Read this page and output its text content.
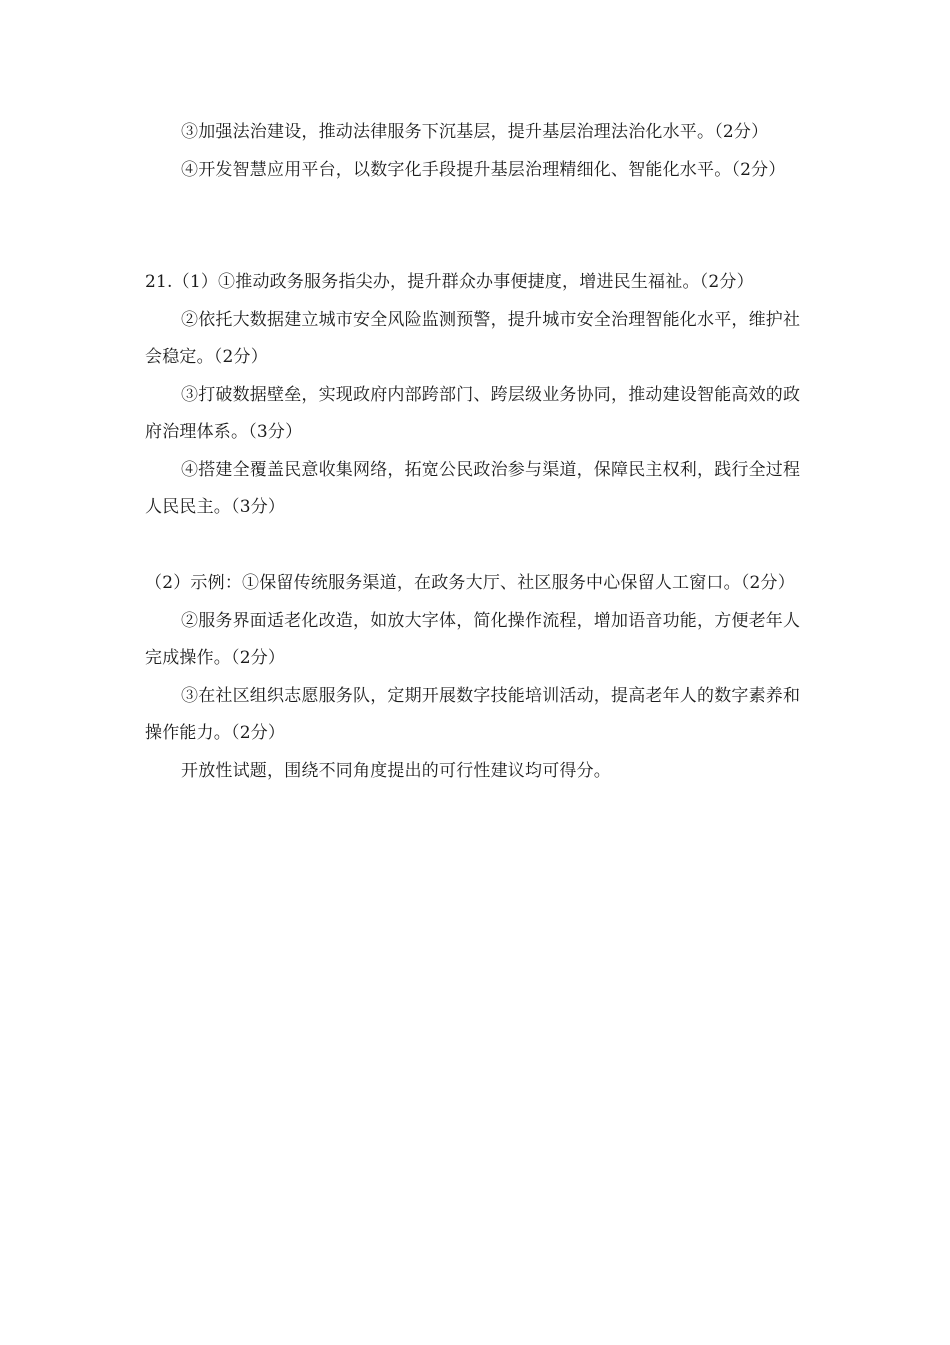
③加强法治建设，推动法律服务下沉基层，提升基层治理法治化水平。（2分）

④开发智慧应用平台，以数字化手段提升基层治理精细化、智能化水平。（2分）

21.（1）①推动政务服务指尖办，提升群众办事便捷度，增进民生福祉。（2分）

②依托大数据建立城市安全风险监测预警，提升城市安全治理智能化水平，维护社会稳定。（2分）

③打破数据壁垒，实现政府内部跨部门、跨层级业务协同，推动建设智能高效的政府治理体系。（3分）

④搭建全覆盖民意收集网络，拓宽公民政治参与渠道，保障民主权利，践行全过程人民民主。（3分）

（2）示例：①保留传统服务渠道，在政务大厅、社区服务中心保留人工窗口。（2分）

②服务界面适老化改造，如放大字体，简化操作流程，增加语音功能，方便老年人完成操作。（2分）

③在社区组织志愿服务队，定期开展数字技能培训活动，提高老年人的数字素养和操作能力。（2分）

开放性试题，围绕不同角度提出的可行性建议均可得分。
